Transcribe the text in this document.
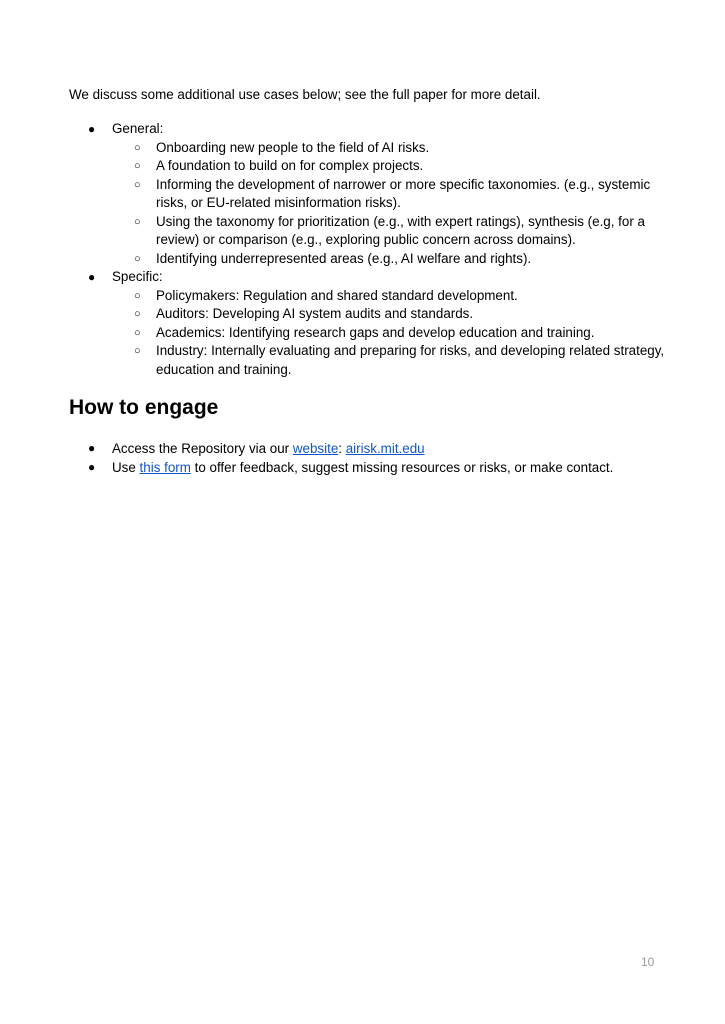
We discuss some additional use cases below; see the full paper for more detail.

● General:
○ Onboarding new people to the field of AI risks.
○ A foundation to build on for complex projects.
○ Informing the development of narrower or more specific taxonomies. (e.g., systemic risks, or EU-related misinformation risks).
○ Using the taxonomy for prioritization (e.g., with expert ratings), synthesis (e.g, for a review) or comparison (e.g., exploring public concern across domains).
○ Identifying underrepresented areas (e.g., AI welfare and rights).
● Specific:
○ Policymakers: Regulation and shared standard development.
○ Auditors: Developing AI system audits and standards.
○ Academics: Identifying research gaps and develop education and training.
○ Industry: Internally evaluating and preparing for risks, and developing related strategy, education and training.
How to engage
● Access the Repository via our website: airisk.mit.edu
● Use this form to offer feedback, suggest missing resources or risks, or make contact.
10
